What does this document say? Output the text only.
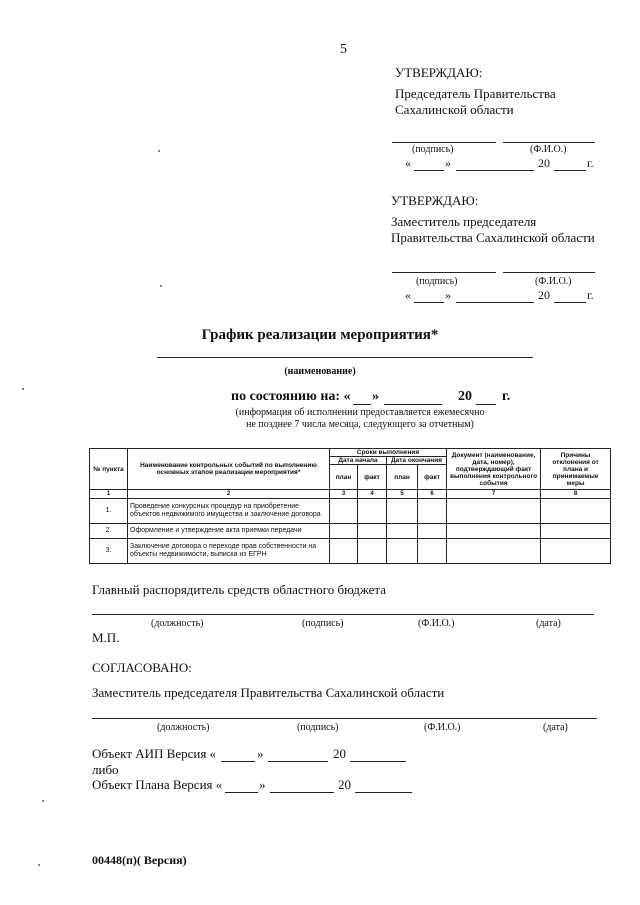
5
УТВЕРЖДАЮ:
Председатель Правительства
Сахалинской области
(подпись)	(Ф.И.О.)
«	»	20	г.
УТВЕРЖДАЮ:
Заместитель председателя
Правительства Сахалинской области
(подпись)	(Ф.И.О.)
«	»	20	г.
График реализации мероприятия*
(наименование)
по состоянию на: « »	20 г.
(информация об исполнении предоставляется ежемесячно
не позднее 7 числа месяца, следующего за отчетным)
№ пункта	Наименование контрольных событий по выполнению основных этапов реализации мероприятия*	Сроки выполнения				Документ (наименование, дата, номер), подтверждающий факт выполнения контрольного события	Причины отклонения от плана и принимаемые меры
		Дата начала		Дата окончания			
		план	факт	план	факт		
1	2	3	4	5	6	7	8
1.	Проведение конкурсных процедур на приобретение объектов недвижимого имущества и заключение договора						
2.	Оформление и утверждение акта приемки передачи						
3.	Заключение договора о переходе прав собственности на объекты недвижимости, выписка из ЕГРН						
Главный распорядитель средств областного бюджета
(должность)	(подпись)	(Ф.И.О.)	(дата)
М.П.
СОГЛАСОВАНО:
Заместитель председателя Правительства Сахалинской области
(должность)	(подпись)	(Ф.И.О.)	(дата)
Объект АИП Версия «	»	20
либо
Объект Плана Версия «	»	20
00448(п)( Версия)
